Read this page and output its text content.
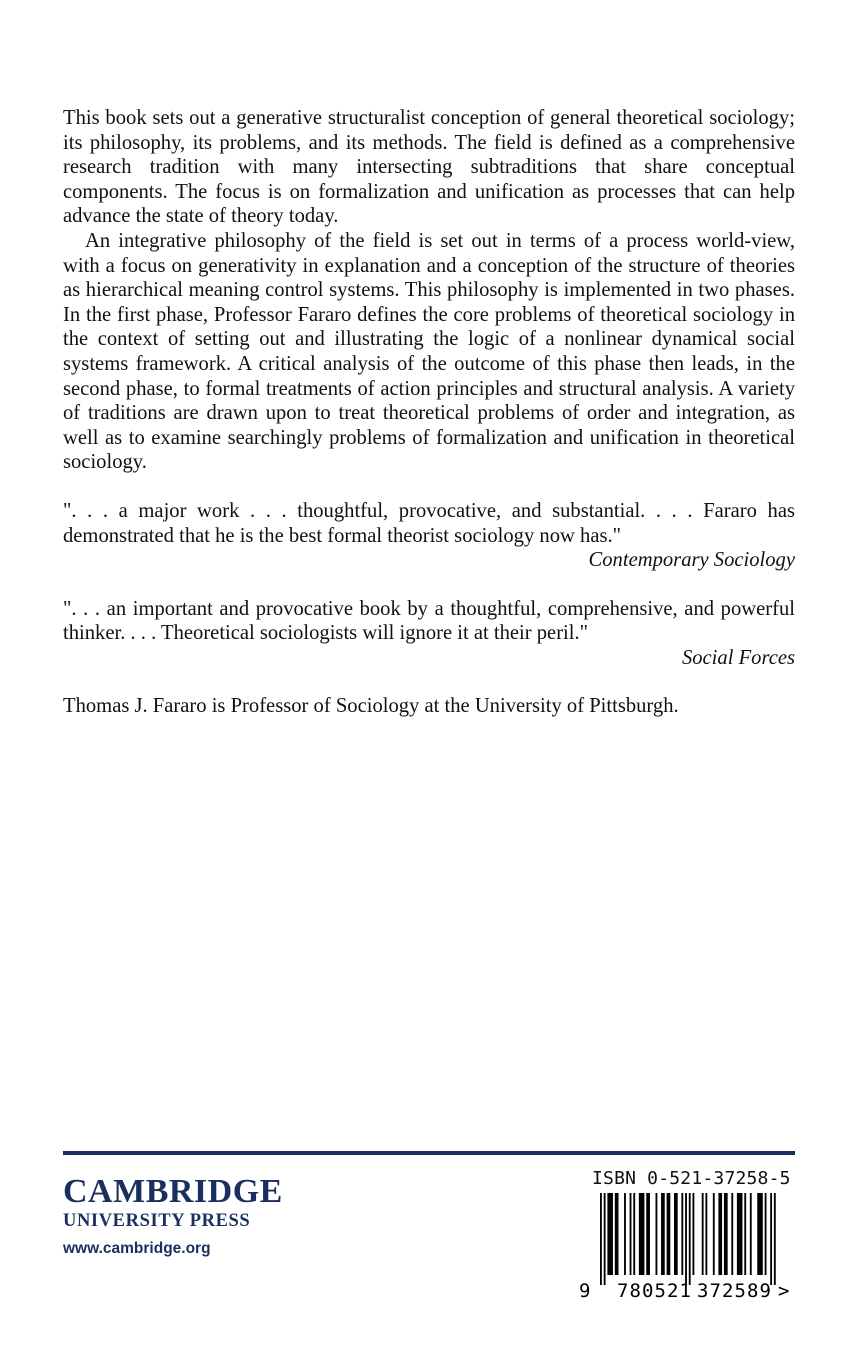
This book sets out a generative structuralist conception of general theoretical sociology; its philosophy, its problems, and its methods. The field is defined as a comprehensive research tradition with many intersecting subtraditions that share conceptual components. The focus is on formalization and unification as processes that can help advance the state of theory today.

An integrative philosophy of the field is set out in terms of a process world-view, with a focus on generativity in explanation and a conception of the structure of theories as hierarchical meaning control systems. This philosophy is implemented in two phases. In the first phase, Professor Fararo defines the core problems of theoretical sociology in the context of setting out and illustrating the logic of a nonlinear dynamical social systems framework. A critical analysis of the outcome of this phase then leads, in the second phase, to formal treatments of action principles and structural analysis. A variety of traditions are drawn upon to treat theoretical problems of order and integration, as well as to examine searchingly problems of formalization and unification in theoretical sociology.

". . . a major work . . . thoughtful, provocative, and substantial. . . . Fararo has demonstrated that he is the best formal theorist sociology now has."

Contemporary Sociology

". . . an important and provocative book by a thoughtful, comprehensive, and powerful thinker. . . . Theoretical sociologists will ignore it at their peril."

Social Forces

Thomas J. Fararo is Professor of Sociology at the University of Pittsburgh.

CAMBRIDGE

UNIVERSITY PRESS

www.cambridge.org

ISBN 0-521-37258-5

9 780521 372589 >
